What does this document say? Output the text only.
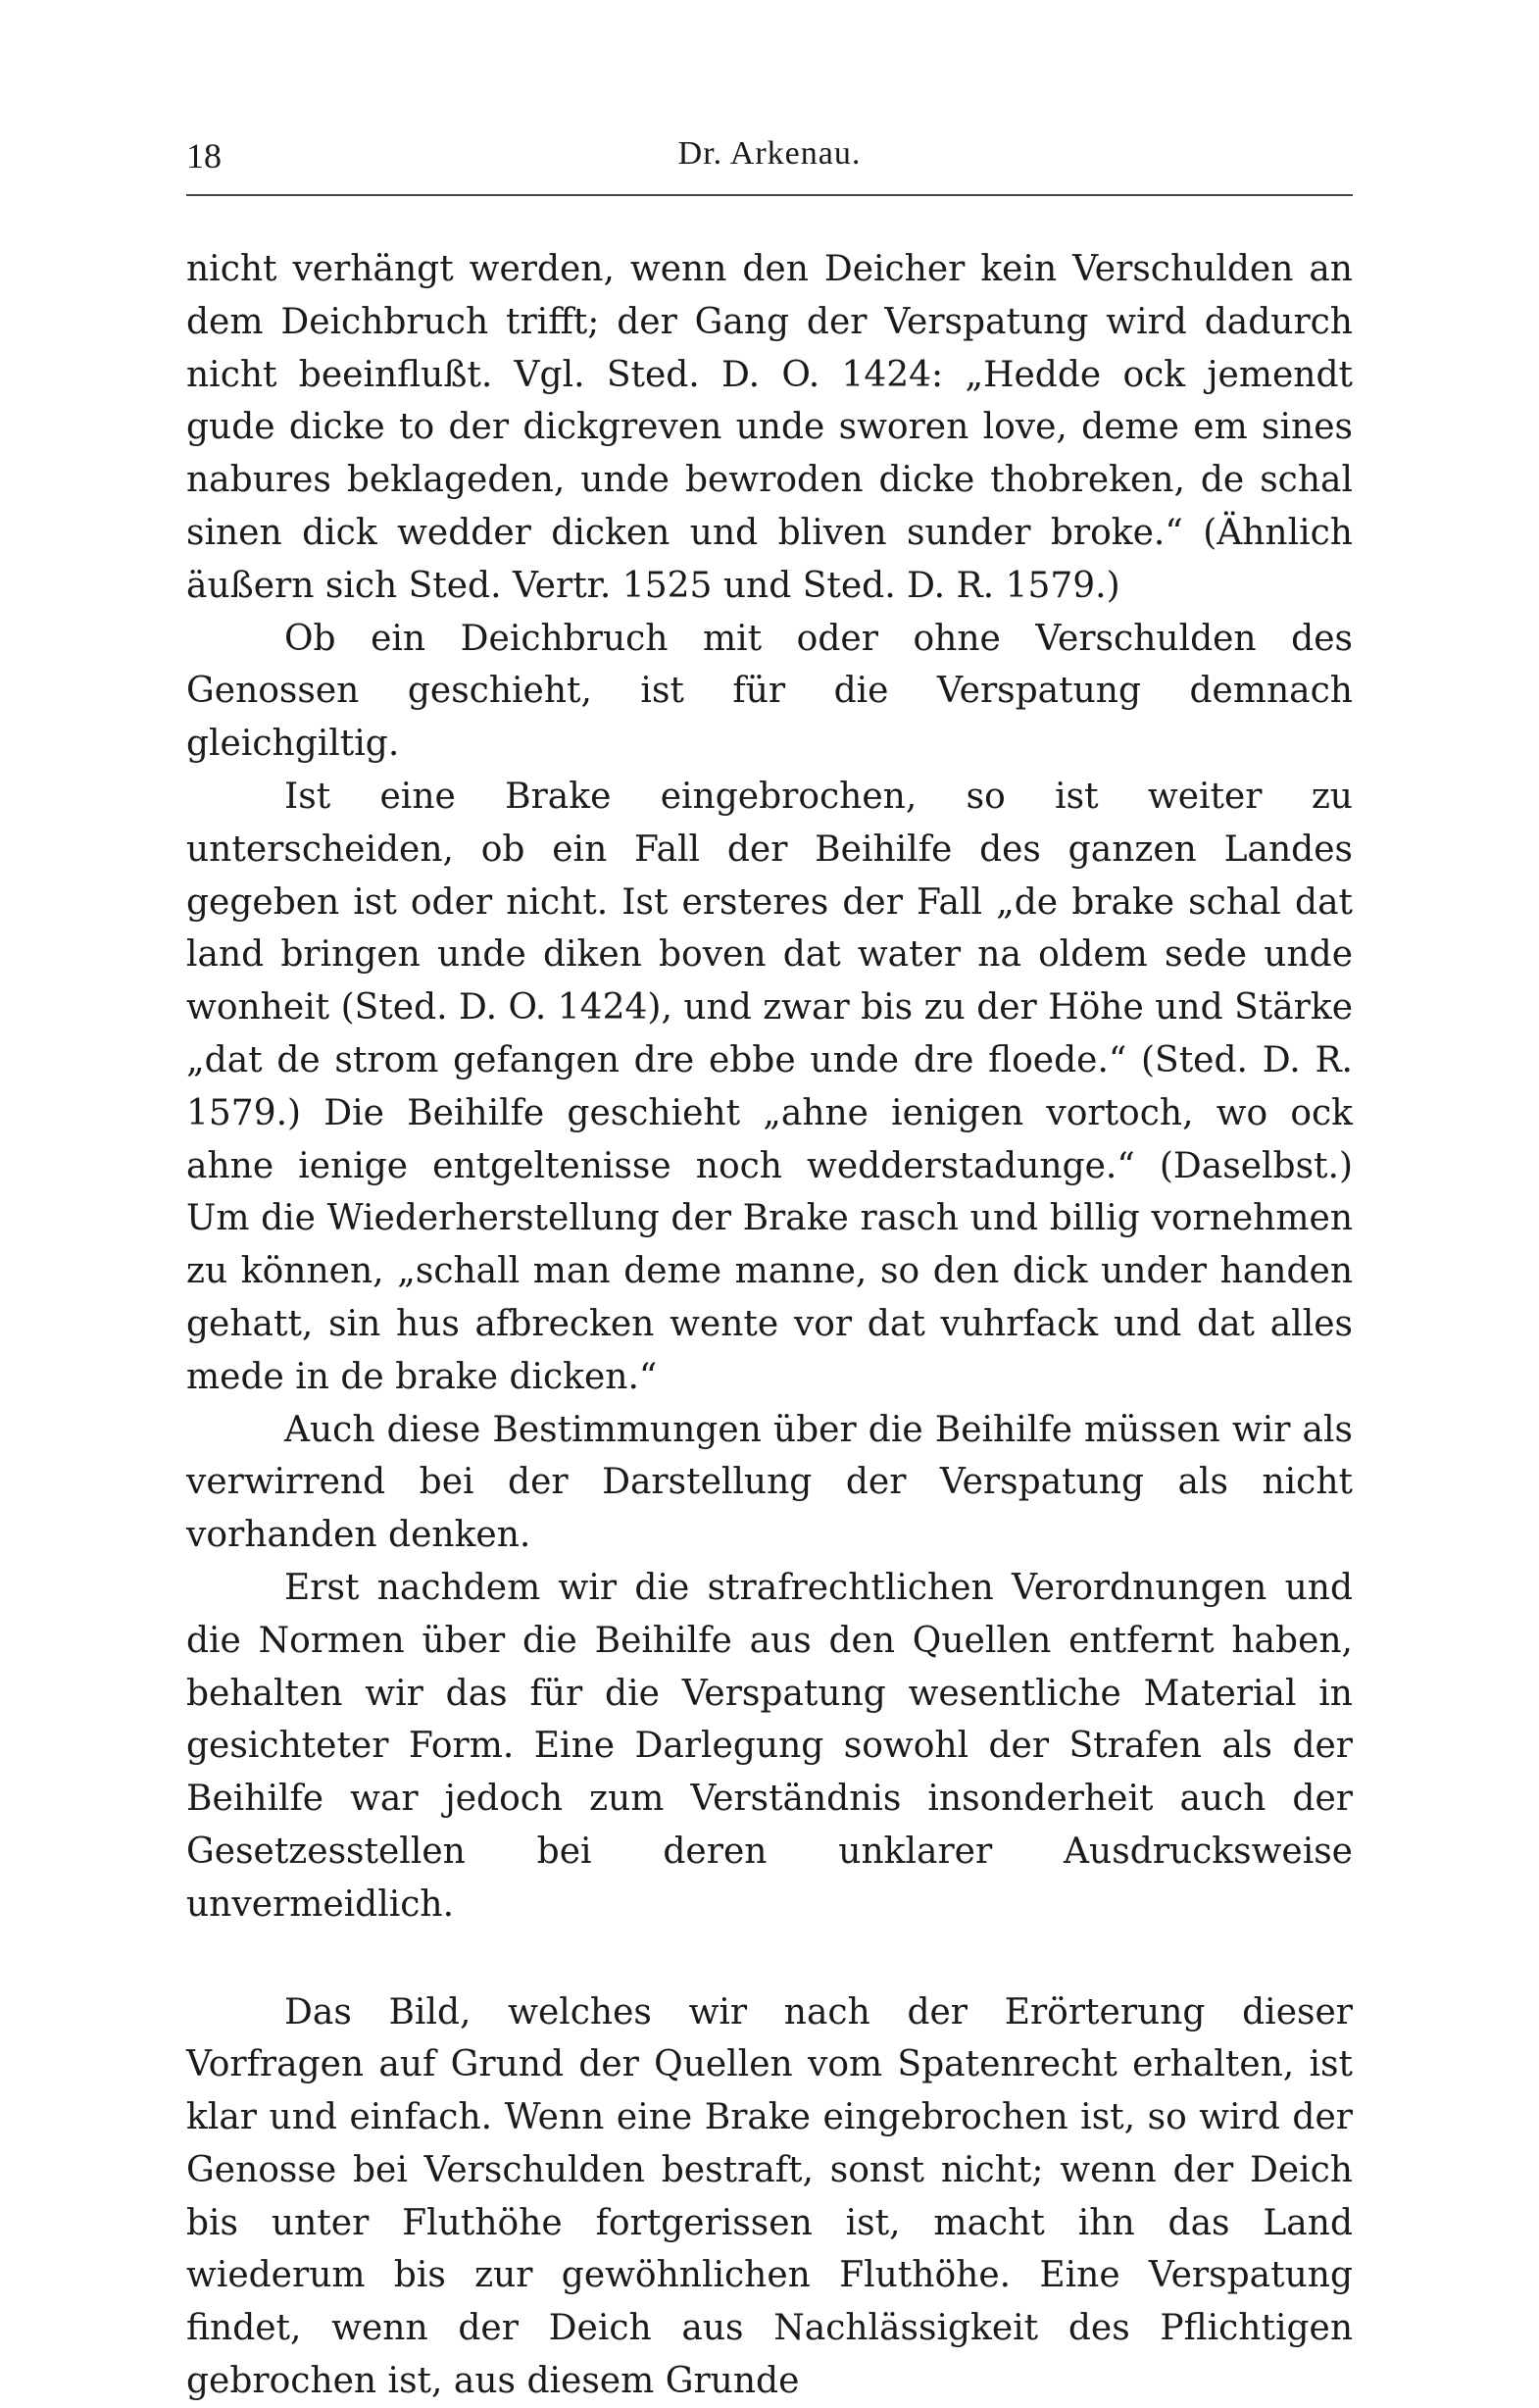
18	Dr. Arkenau.

nicht verhängt werden, wenn den Deicher kein Verschulden an dem Deichbruch trifft; der Gang der Verspatung wird dadurch nicht beeinflußt. Vgl. Sted. D. O. 1424: „Hedde ock jemendt gude dicke to der dickgreven unde sworen love, deme em sines nabures beklageden, unde bewroden dicke thobreken, de schal sinen dick wedder dicken und bliven sunder broke.“ (Ähnlich äußern sich Sted. Vertr. 1525 und Sted. D. R. 1579.)

Ob ein Deichbruch mit oder ohne Verschulden des Genossen geschieht, ist für die Verspatung demnach gleichgiltig.

Ist eine Brake eingebrochen, so ist weiter zu unterscheiden, ob ein Fall der Beihilfe des ganzen Landes gegeben ist oder nicht. Ist ersteres der Fall „de brake schal dat land bringen unde diken boven dat water na oldem sede unde wonheit (Sted. D. O. 1424), und zwar bis zu der Höhe und Stärke „dat de strom gefangen dre ebbe unde dre floede.“ (Sted. D. R. 1579.) Die Beihilfe geschieht „ahne ienigen vortoch, wo ock ahne ienige entgeltenisse noch wedderstadunge.“ (Daselbst.) Um die Wiederherstellung der Brake rasch und billig vornehmen zu können, „schall man deme manne, so den dick under handen gehatt, sin hus afbrecken wente vor dat vuhrfack und dat alles mede in de brake dicken.“

Auch diese Bestimmungen über die Beihilfe müssen wir als verwirrend bei der Darstellung der Verspatung als nicht vorhanden denken.

Erst nachdem wir die strafrechtlichen Verordnungen und die Normen über die Beihilfe aus den Quellen entfernt haben, behalten wir das für die Verspatung wesentliche Material in gesichteter Form. Eine Darlegung sowohl der Strafen als der Beihilfe war jedoch zum Verständnis insonderheit auch der Gesetzesstellen bei deren unklarer Ausdrucksweise unvermeidlich.

Das Bild, welches wir nach der Erörterung dieser Vorfragen auf Grund der Quellen vom Spatenrecht erhalten, ist klar und einfach. Wenn eine Brake eingebrochen ist, so wird der Genosse bei Verschulden bestraft, sonst nicht; wenn der Deich bis unter Fluthöhe fortgerissen ist, macht ihn das Land wiederum bis zur gewöhnlichen Fluthöhe. Eine Verspatung findet, wenn der Deich aus Nachlässigkeit des Pflichtigen gebrochen ist, aus diesem Grunde
